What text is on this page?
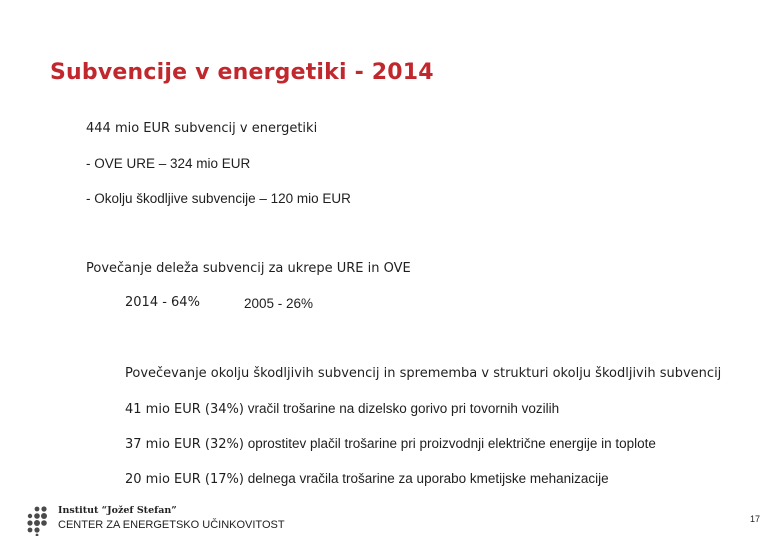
Subvencije v energetiki - 2014
444 mio EUR subvencij v energetiki
- OVE URE – 324 mio EUR
- Okolju škodljive subvencije – 120 mio EUR
Povečanje deleža subvencij za ukrepe URE in OVE
2014 - 64%	2005 - 26%
Povečevanje okolju škodljivih subvencij in sprememba v strukturi okolju škodljivih subvencij
41 mio EUR (34%) vračil trošarine na dizelsko gorivo pri tovornih vozilih
37 mio EUR (32%) oprostitev plačil trošarine pri proizvodnji električne energije in toplote
20 mio EUR (17%) delnega vračila trošarine za uporabo kmetijske mehanizacije
Institut “Jožef Stefan”
CENTER ZA ENERGETSKO UČINKOVITOST	17
